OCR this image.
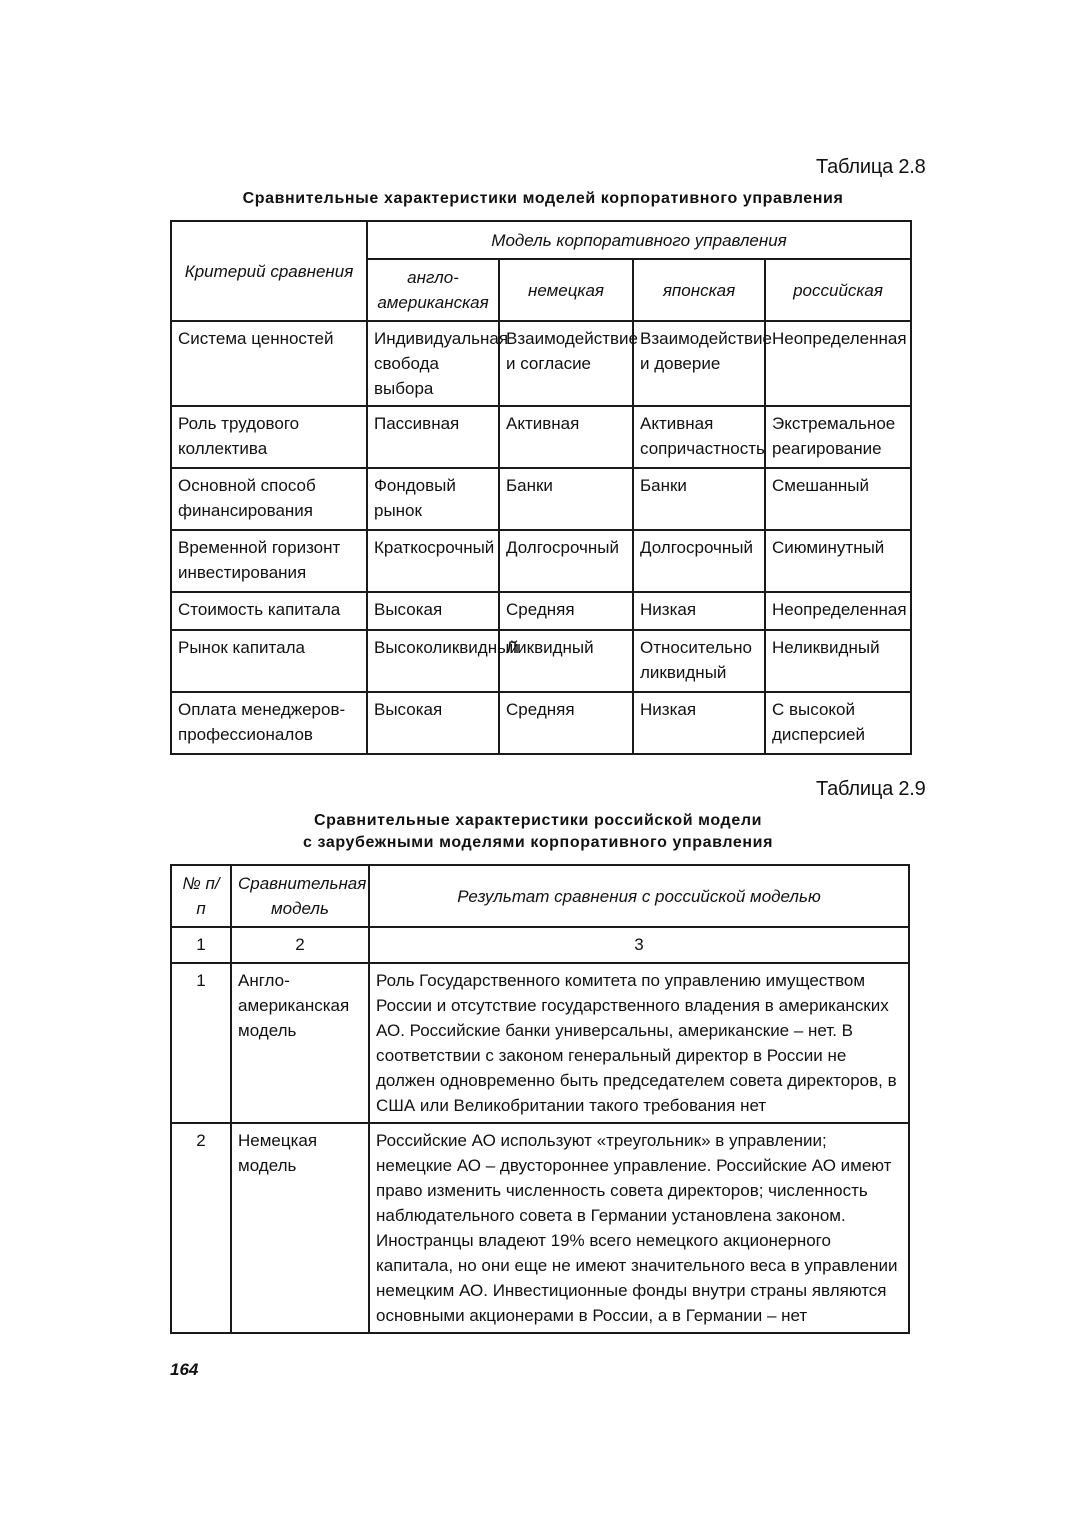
Таблица 2.8
Сравнительные характеристики моделей корпоративного управления
Критерий сравнения	Модель корпоративного управления			
	англо-американская	немецкая	японская	российская
Система ценностей	Индивидуальная свобода выбора	Взаимодействие и согласие	Взаимодействие и доверие	Неопределенная
Роль трудового коллектива	Пассивная	Активная	Активная сопричастность	Экстремальное реагирование
Основной способ финансирования	Фондовый рынок	Банки	Банки	Смешанный
Временной горизонт инвестирования	Краткосрочный	Долгосрочный	Долгосрочный	Сиюминутный
Стоимость капитала	Высокая	Средняя	Низкая	Неопределенная
Рынок капитала	Высоколиквидный	Ликвидный	Относительно ликвидный	Неликвидный
Оплата менеджеров-профессионалов	Высокая	Средняя	Низкая	С высокой дисперсией
Таблица 2.9
Сравнительные характеристики российской модели
с зарубежными моделями корпоративного управления
№ п/п	Сравнительная модель	Результат сравнения с российской моделью
1	2	3
1	Англо-американская модель	Роль Государственного комитета по управлению имуществом России и отсутствие государственного владения в американских АО. Российские банки универсальны, американские – нет. В соответствии с законом генеральный директор в России не должен одновременно быть председателем совета директоров, в США или Великобритании такого требования нет
2	Немецкая модель	Российские АО используют «треугольник» в управлении; немецкие АО – двустороннее управление. Российские АО имеют право изменить численность совета директоров; численность наблюдательного совета в Германии установлена законом. Иностранцы владеют 19% всего немецкого акционерного капитала, но они еще не имеют значительного веса в управлении немецким АО. Инвестиционные фонды внутри страны являются основными акционерами в России, а в Германии – нет
164
